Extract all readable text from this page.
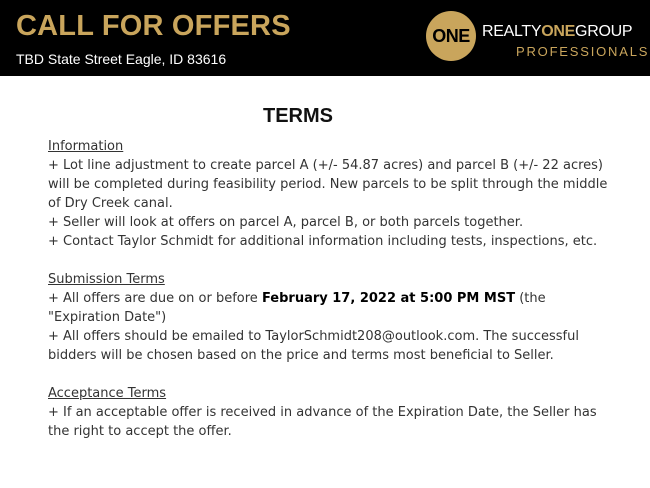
CALL FOR OFFERS
TBD State Street Eagle, ID 83616
ONE REALTYONEGROUP
PROFESSIONALS
TERMS

Information

+ Lot line adjustment to create parcel A (+/- 54.87 acres) and parcel B (+/- 22 acres) will be completed during feasibility period. New parcels to be split through the middle of Dry Creek canal.

+ Seller will look at offers on parcel A, parcel B, or both parcels together.

+ Contact Taylor Schmidt for additional information including tests, inspections, etc.

Submission Terms

+ All offers are due on or before February 17, 2022 at 5:00 PM MST (the "Expiration Date")

+ All offers should be emailed to TaylorSchmidt208@outlook.com. The successful bidders will be chosen based on the price and terms most beneficial to Seller.

Acceptance Terms

+ If an acceptable offer is received in advance of the Expiration Date, the Seller has the right to accept the offer.
